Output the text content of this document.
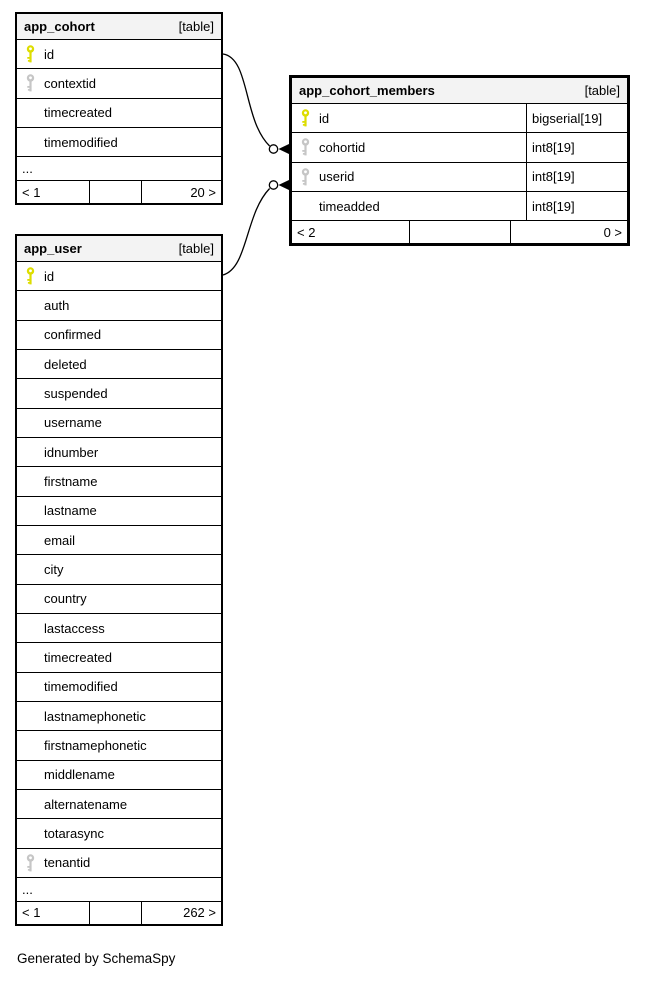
app_cohort	[table]
id
contextid
timecreated
timemodified
...
< 1	20 >
app_cohort_members	[table]
id	bigserial[19]
cohortid	int8[19]
userid	int8[19]
timeadded	int8[19]
< 2	0 >
app_user	[table]
id
auth
confirmed
deleted
suspended
username
idnumber
firstname
lastname
email
city
country
lastaccess
timecreated
timemodified
lastnamephonetic
firstnamephonetic
middlename
alternatename
totarasync
tenantid
...
< 1	262 >
Generated by SchemaSpy
